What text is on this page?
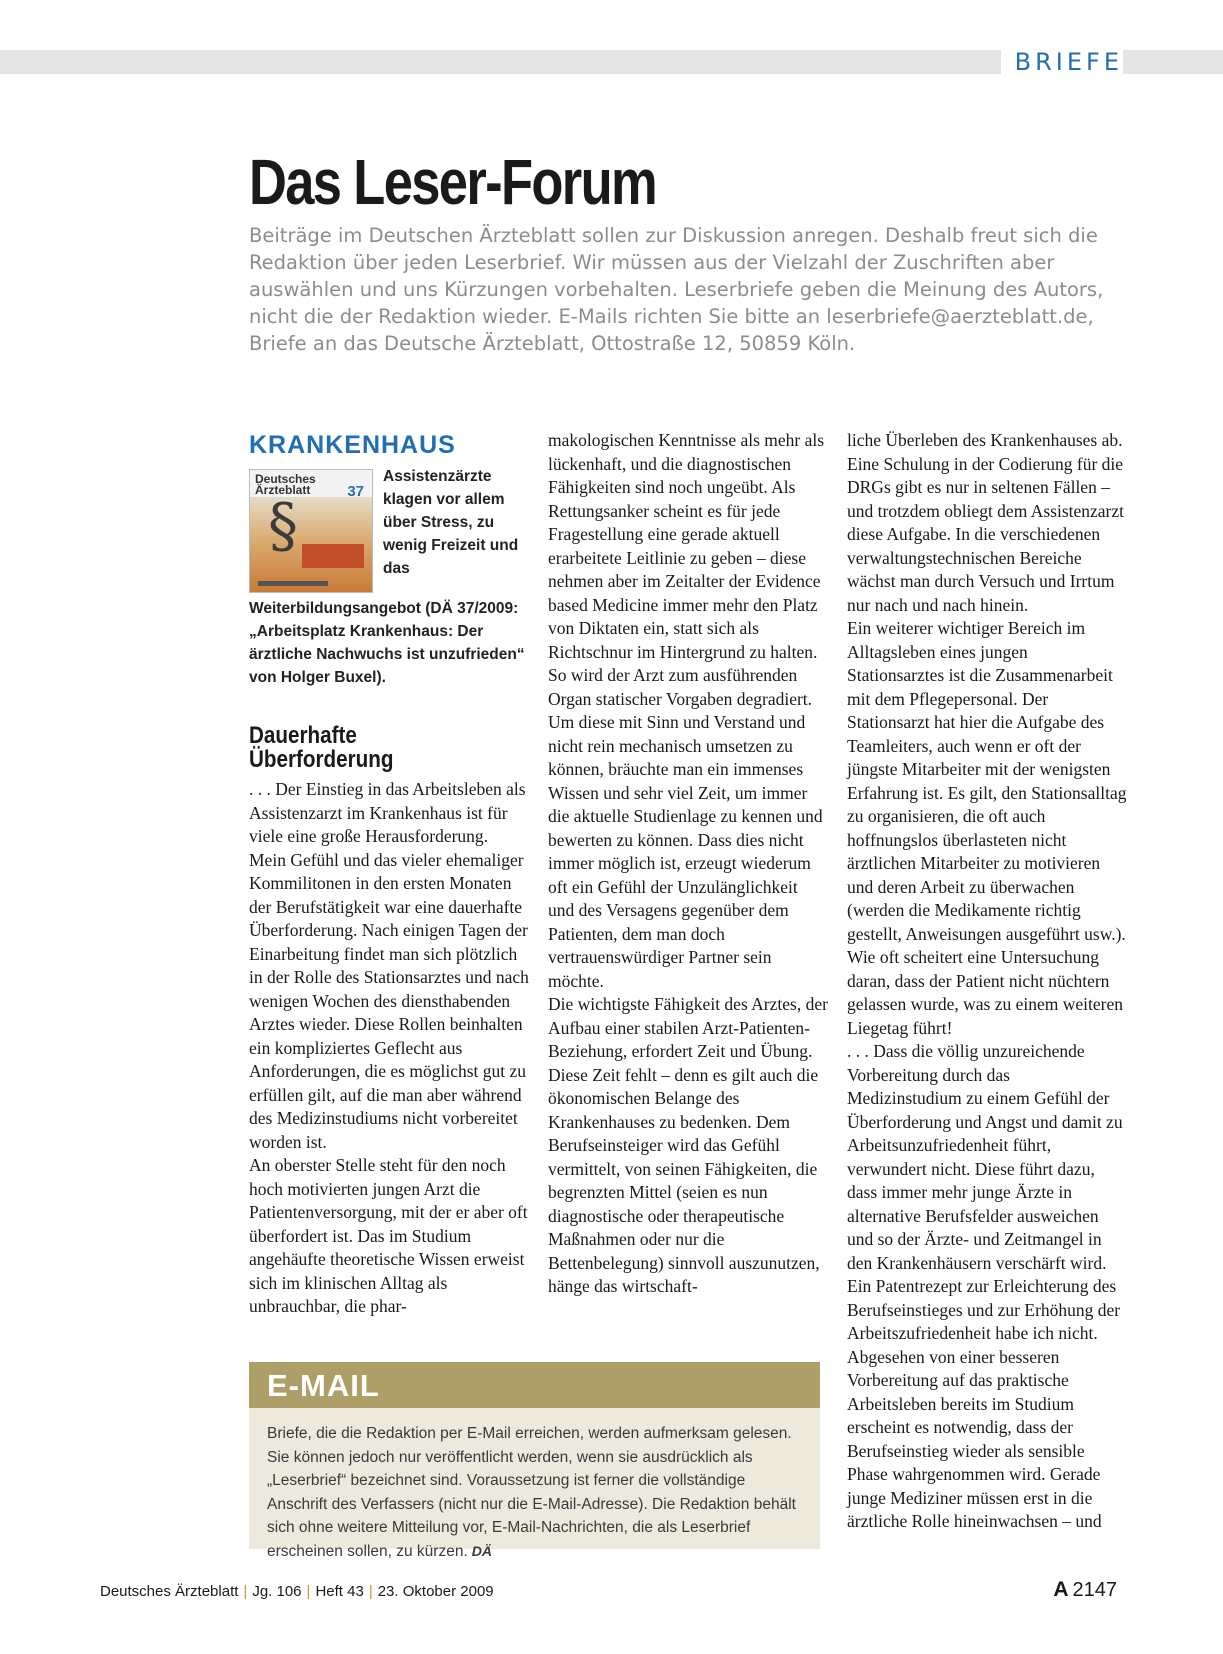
BRIEFE
Das Leser-Forum

Beiträge im Deutschen Ärzteblatt sollen zur Diskussion anregen. Deshalb freut sich die Redaktion über jeden Leserbrief. Wir müssen aus der Vielzahl der Zuschriften aber auswählen und uns Kürzungen vorbehalten. Leserbriefe geben die Meinung des Autors, nicht die der Redaktion wieder. E-Mails richten Sie bitte an leserbriefe@aerzteblatt.de, Briefe an das Deutsche Ärzteblatt, Ottostraße 12, 50859 Köln.

KRANKENHAUS
Deutsches Ärzteblatt	37
§

Assistenzärzte klagen vor allem über Stress, zu wenig Freizeit und das Weiterbildungsangebot (DÄ 37/2009: „Arbeitsplatz Krankenhaus: Der ärztliche Nachwuchs ist unzufrieden“ von Holger Buxel).

Dauerhafte Überforderung

. . . Der Einstieg in das Arbeitsleben als Assistenzarzt im Krankenhaus ist für viele eine große Herausforderung. Mein Gefühl und das vieler ehemaliger Kommilitonen in den ersten Monaten der Berufstätigkeit war eine dauerhafte Überforderung. Nach einigen Tagen der Einarbeitung findet man sich plötzlich in der Rolle des Stationsarztes und nach wenigen Wochen des diensthabenden Arztes wieder. Diese Rollen beinhalten ein kompliziertes Geflecht aus Anforderungen, die es möglichst gut zu erfüllen gilt, auf die man aber während des Medizinstudiums nicht vorbereitet worden ist.

An oberster Stelle steht für den noch hoch motivierten jungen Arzt die Patientenversorgung, mit der er aber oft überfordert ist. Das im Studium angehäufte theoretische Wissen erweist sich im klinischen Alltag als unbrauchbar, die phar-

makologischen Kenntnisse als mehr als lückenhaft, und die diagnostischen Fähigkeiten sind noch ungeübt. Als Rettungsanker scheint es für jede Fragestellung eine gerade aktuell erarbeitete Leitlinie zu geben – diese nehmen aber im Zeitalter der Evidence based Medicine immer mehr den Platz von Diktaten ein, statt sich als Richtschnur im Hintergrund zu halten. So wird der Arzt zum ausführenden Organ statischer Vorgaben degradiert. Um diese mit Sinn und Verstand und nicht rein mechanisch umsetzen zu können, bräuchte man ein immenses Wissen und sehr viel Zeit, um immer die aktuelle Studienlage zu kennen und bewerten zu können. Dass dies nicht immer möglich ist, erzeugt wiederum oft ein Gefühl der Unzulänglichkeit und des Versagens gegenüber dem Patienten, dem man doch vertrauenswürdiger Partner sein möchte.

Die wichtigste Fähigkeit des Arztes, der Aufbau einer stabilen Arzt-Patienten-Beziehung, erfordert Zeit und Übung. Diese Zeit fehlt – denn es gilt auch die ökonomischen Belange des Krankenhauses zu bedenken. Dem Berufseinsteiger wird das Gefühl vermittelt, von seinen Fähigkeiten, die begrenzten Mittel (seien es nun diagnostische oder therapeutische Maßnahmen oder nur die Bettenbelegung) sinnvoll auszunutzen, hänge das wirtschaft-

liche Überleben des Krankenhauses ab. Eine Schulung in der Codierung für die DRGs gibt es nur in seltenen Fällen – und trotzdem obliegt dem Assistenzarzt diese Aufgabe. In die verschiedenen verwaltungstechnischen Bereiche wächst man durch Versuch und Irrtum nur nach und nach hinein.

Ein weiterer wichtiger Bereich im Alltagsleben eines jungen Stationsarztes ist die Zusammenarbeit mit dem Pflegepersonal. Der Stationsarzt hat hier die Aufgabe des Teamleiters, auch wenn er oft der jüngste Mitarbeiter mit der wenigsten Erfahrung ist. Es gilt, den Stationsalltag zu organisieren, die oft auch hoffnungslos überlasteten nicht ärztlichen Mitarbeiter zu motivieren und deren Arbeit zu überwachen (werden die Medikamente richtig gestellt, Anweisungen ausgeführt usw.). Wie oft scheitert eine Untersuchung daran, dass der Patient nicht nüchtern gelassen wurde, was zu einem weiteren Liegetag führt!

. . . Dass die völlig unzureichende Vorbereitung durch das Medizinstudium zu einem Gefühl der Überforderung und Angst und damit zu Arbeitsunzufriedenheit führt, verwundert nicht. Diese führt dazu, dass immer mehr junge Ärzte in alternative Berufsfelder ausweichen und so der Ärzte- und Zeitmangel in den Krankenhäusern verschärft wird.

Ein Patentrezept zur Erleichterung des Berufseinstieges und zur Erhöhung der Arbeitszufriedenheit habe ich nicht. Abgesehen von einer besseren Vorbereitung auf das praktische Arbeitsleben bereits im Studium erscheint es notwendig, dass der Berufseinstieg wieder als sensible Phase wahrgenommen wird. Gerade junge Mediziner müssen erst in die ärztliche Rolle hineinwachsen – und

E-MAIL

Briefe, die die Redaktion per E-Mail erreichen, werden aufmerksam gelesen. Sie können jedoch nur veröffentlicht werden, wenn sie ausdrücklich als „Leserbrief“ bezeichnet sind. Voraussetzung ist ferner die vollständige Anschrift des Verfassers (nicht nur die E-Mail-Adresse). Die Redaktion behält sich ohne weitere Mitteilung vor, E-Mail-Nachrichten, die als Leserbrief erscheinen sollen, zu kürzen. DÄ

Deutsches Ärzteblatt | Jg. 106 | Heft 43 | 23. Oktober 2009	A 2147
